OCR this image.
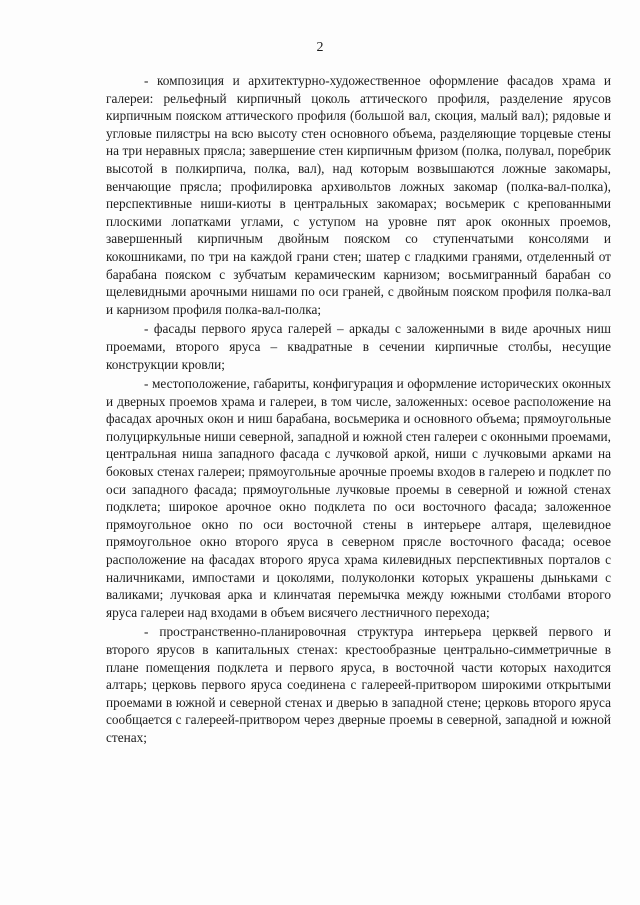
2

- композиция и архитектурно-художественное оформление фасадов храма и галереи: рельефный кирпичный цоколь аттического профиля, разделение ярусов кирпичным пояском аттического профиля (большой вал, скоция, малый вал); рядовые и угловые пилястры на всю высоту стен основного объема, разделяющие торцевые стены на три неравных прясла; завершение стен кирпичным фризом (полка, полувал, поребрик высотой в полкирпича, полка, вал), над которым возвышаются ложные закомары, венчающие прясла; профилировка архивольтов ложных закомар (полка-вал-полка), перспективные ниши-киоты в центральных закомарах; восьмерик с крепованными плоскими лопатками углами, с уступом на уровне пят арок оконных проемов, завершенный кирпичным двойным пояском со ступенчатыми консолями и кокошниками, по три на каждой грани стен; шатер с гладкими гранями, отделенный от барабана пояском с зубчатым керамическим карнизом; восьмигранный барабан со щелевидными арочными нишами по оси граней, с двойным пояском профиля полка-вал и карнизом профиля полка-вал-полка;

- фасады первого яруса галерей – аркады с заложенными в виде арочных ниш проемами, второго яруса – квадратные в сечении кирпичные столбы, несущие конструкции кровли;

- местоположение, габариты, конфигурация и оформление исторических оконных и дверных проемов храма и галереи, в том числе, заложенных: осевое расположение на фасадах арочных окон и ниш барабана, восьмерика и основного объема; прямоугольные полуциркульные ниши северной, западной и южной стен галереи с оконными проемами, центральная ниша западного фасада с лучковой аркой, ниши с лучковыми арками на боковых стенах галереи; прямоугольные арочные проемы входов в галерею и подклет по оси западного фасада; прямоугольные лучковые проемы в северной и южной стенах подклета; широкое арочное окно подклета по оси восточного фасада; заложенное прямоугольное окно по оси восточной стены в интерьере алтаря, щелевидное прямоугольное окно второго яруса в северном прясле восточного фасада; осевое расположение на фасадах второго яруса храма килевидных перспективных порталов с наличниками, импостами и цоколями, полуколонки которых украшены дыньками с валиками; лучковая арка и клинчатая перемычка между южными столбами второго яруса галереи над входами в объем висячего лестничного перехода;

- пространственно-планировочная структура интерьера церквей первого и второго ярусов в капитальных стенах: крестообразные центрально-симметричные в плане помещения подклета и первого яруса, в восточной части которых находится алтарь; церковь первого яруса соединена с галереей-притвором широкими открытыми проемами в южной и северной стенах и дверью в западной стене; церковь второго яруса сообщается с галереей-притвором через дверные проемы в северной, западной и южной стенах;
